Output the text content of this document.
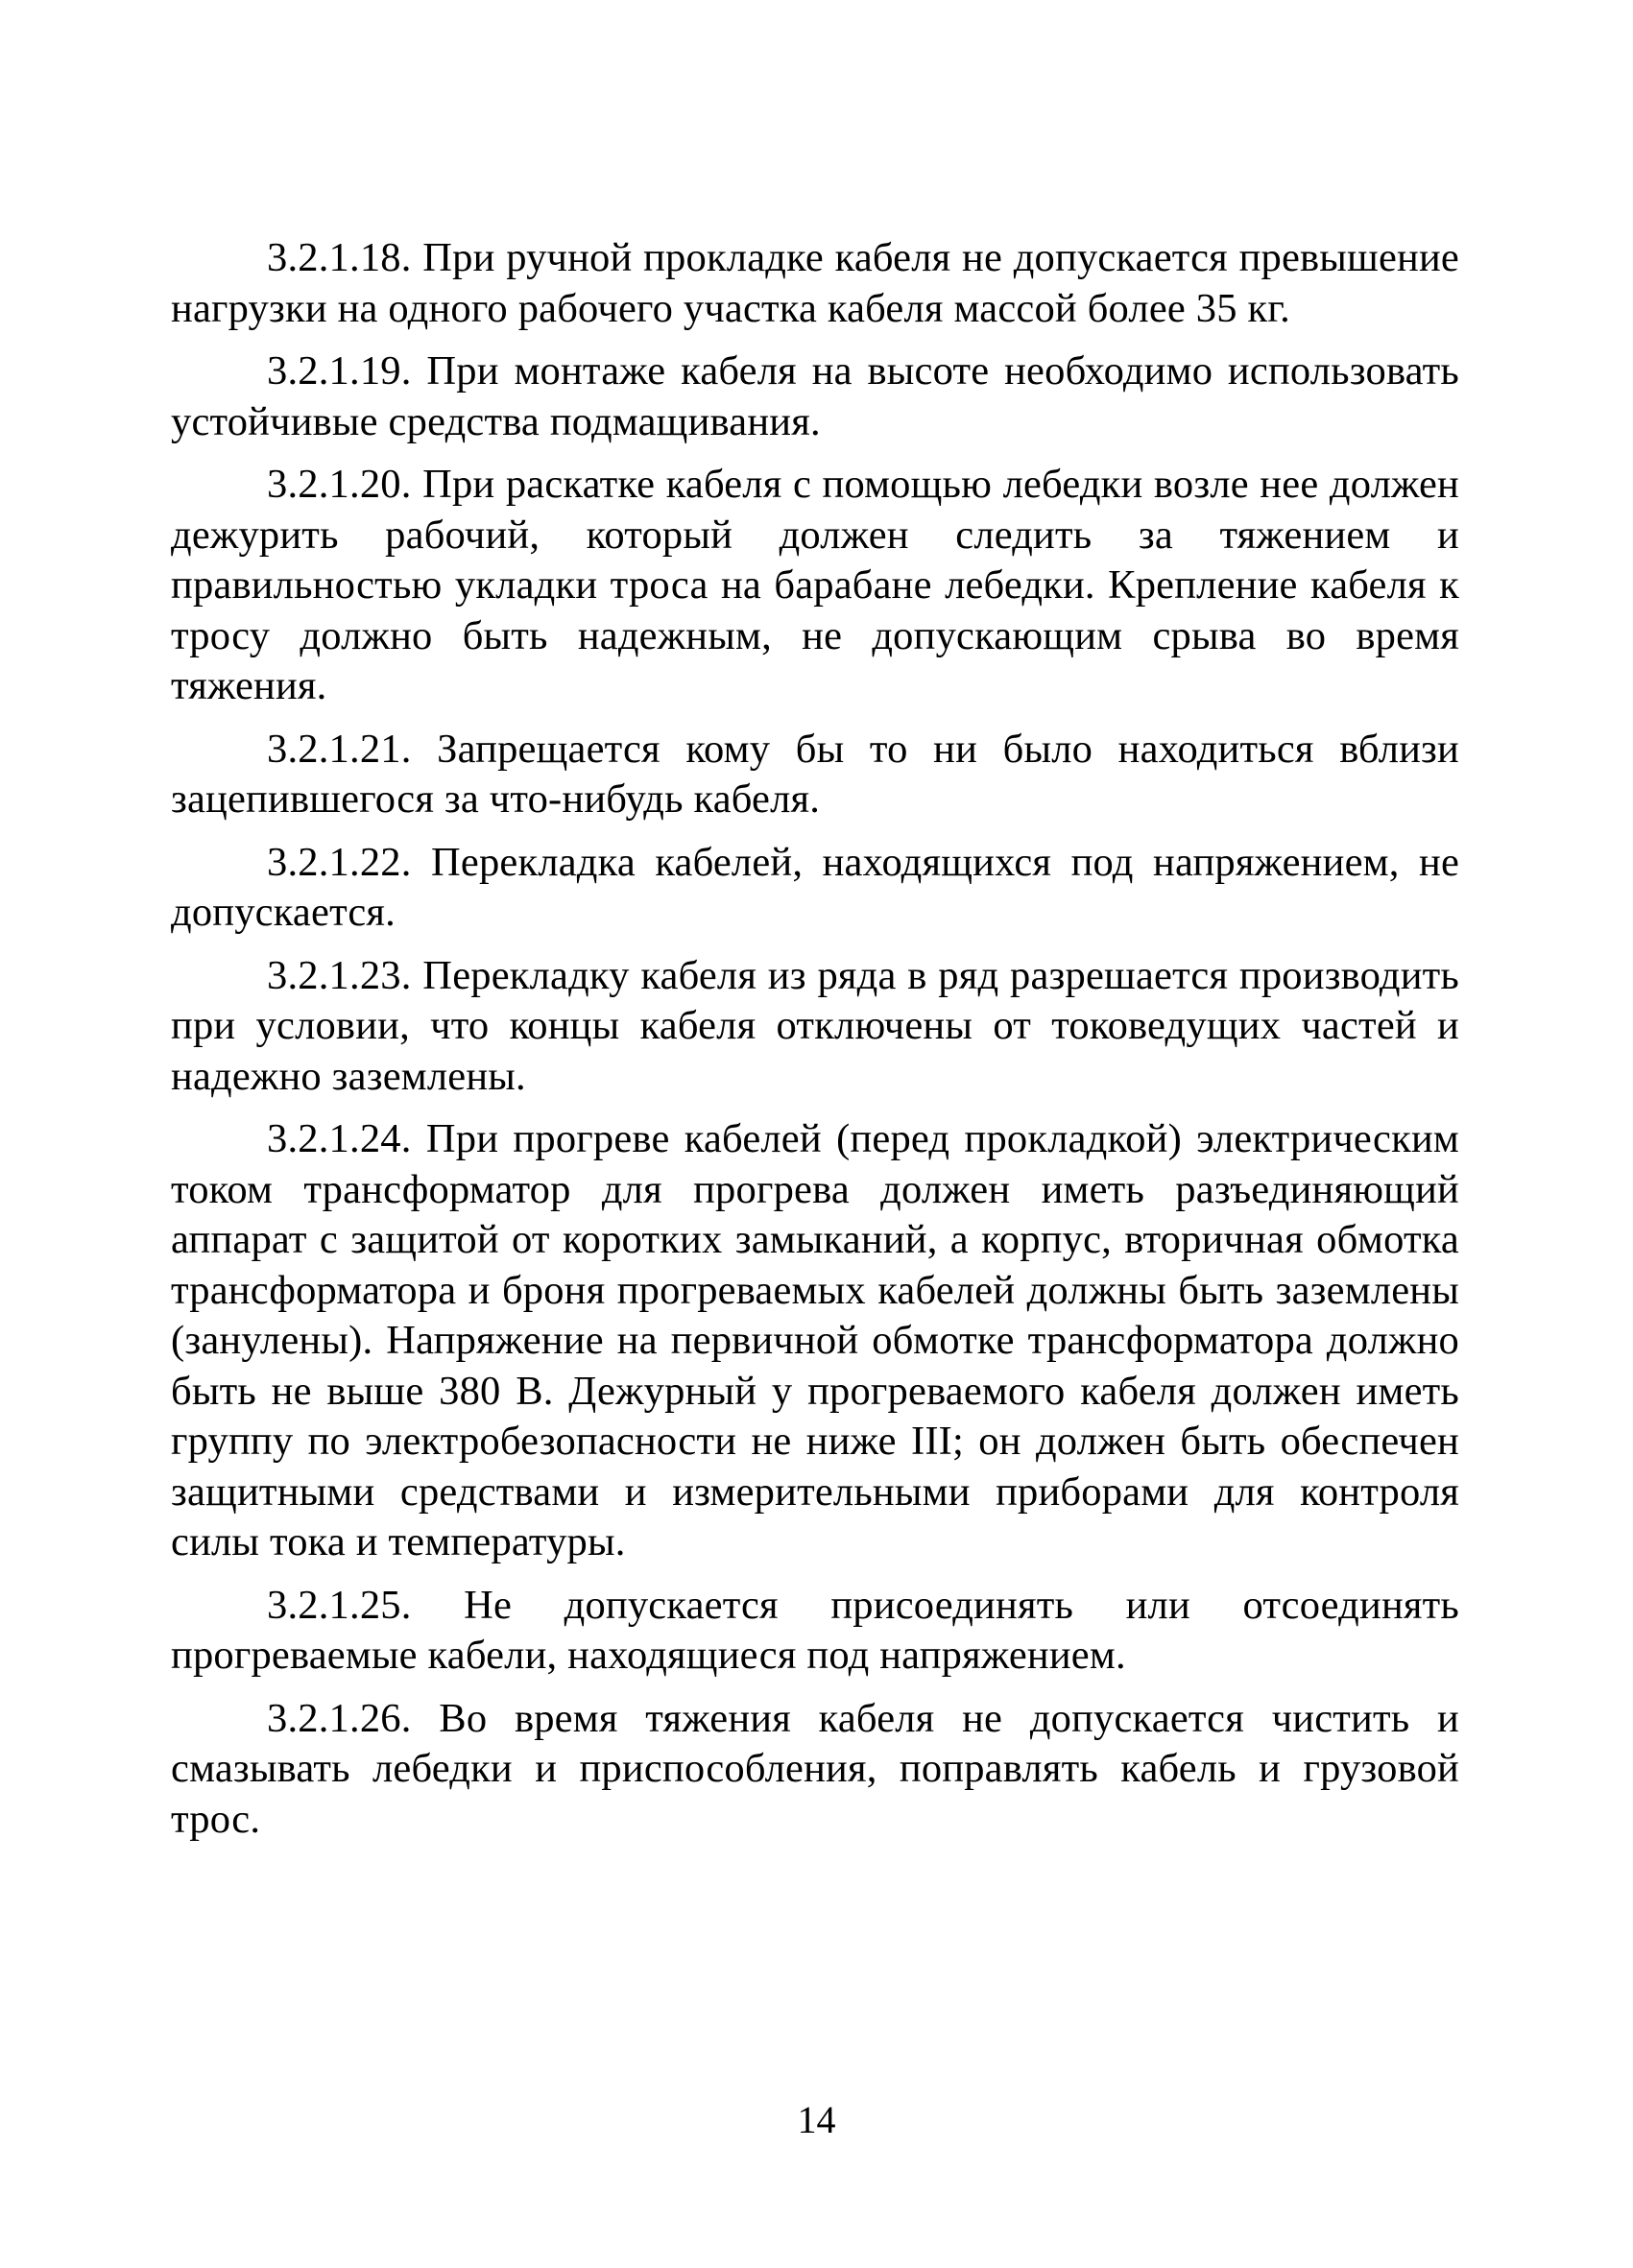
3.2.1.18. При ручной прокладке кабеля не допускается превышение нагрузки на одного рабочего участка кабеля массой более 35 кг.

3.2.1.19. При монтаже кабеля на высоте необходимо использовать устойчивые средства подмащивания.

3.2.1.20. При раскатке кабеля с помощью лебедки возле нее должен дежурить рабочий, который должен следить за тяжением и правильностью укладки троса на барабане лебедки. Крепление кабеля к тросу должно быть надежным, не допускающим срыва во время тяжения.

3.2.1.21. Запрещается кому бы то ни было находиться вблизи зацепившегося за что-нибудь кабеля.

3.2.1.22. Перекладка кабелей, находящихся под напряжением, не допускается.

3.2.1.23. Перекладку кабеля из ряда в ряд разрешается производить при условии, что концы кабеля отключены от токоведущих частей и надежно заземлены.

3.2.1.24. При прогреве кабелей (перед прокладкой) электрическим током трансформатор для прогрева должен иметь разъединяющий аппарат с защитой от коротких замыканий, а корпус, вторичная обмотка трансформатора и броня прогреваемых кабелей должны быть заземлены (занулены). Напряжение на первичной обмотке трансформатора должно быть не выше 380 В. Дежурный у прогреваемого кабеля должен иметь группу по электробезопасности не ниже III; он должен быть обеспечен защитными средствами и измерительными приборами для контроля силы тока и температуры.

3.2.1.25. Не допускается присоединять или отсоединять прогреваемые кабели, находящиеся под напряжением.

3.2.1.26. Во время тяжения кабеля не допускается чистить и смазывать лебедки и приспособления, поправлять кабель и грузовой трос.

14
